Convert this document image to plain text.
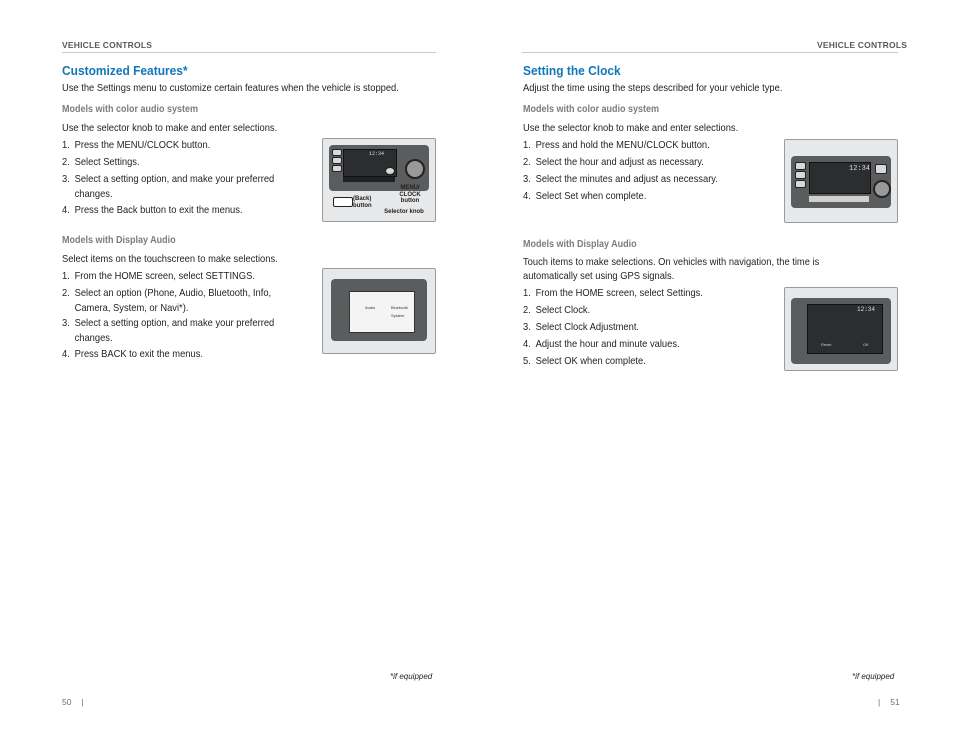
VEHICLE CONTROLS
Customized Features*
Use the Settings menu to customize certain features when the vehicle is stopped.
Models with color audio system
Use the selector knob to make and enter selections.
1. Press the MENU/CLOCK button.
2. Select Settings.
3. Select a setting option, and make your preferred
changes.
4. Press the Back button to exit the menus.
12:34
(Back) button
MENU/ CLOCK button
Selector knob
Models with Display Audio
Select items on the touchscreen to make selections.
1. From the HOME screen, select SETTINGS.
2. Select an option (Phone, Audio, Bluetooth, Info,
Camera, System, or Navi*).
3. Select a setting option, and make your preferred
changes.
4. Press BACK to exit the menus.
Audio	Bluetooth
System
*if equipped
50 |
VEHICLE CONTROLS
Setting the Clock
Adjust the time using the steps described for your vehicle type.
Models with color audio system
Use the selector knob to make and enter selections.
1. Press and hold the MENU/CLOCK button.
2. Select the hour and adjust as necessary.
3. Select the minutes and adjust as necessary.
4. Select Set when complete.
12:34
Models with Display Audio
Touch items to make selections. On vehicles with navigation, the time is
automatically set using GPS signals.
1. From the HOME screen, select Settings.
2. Select Clock.
3. Select Clock Adjustment.
4. Adjust the hour and minute values.
5. Select OK when complete.
12:34
Reset	OK
*if equipped
| 51
